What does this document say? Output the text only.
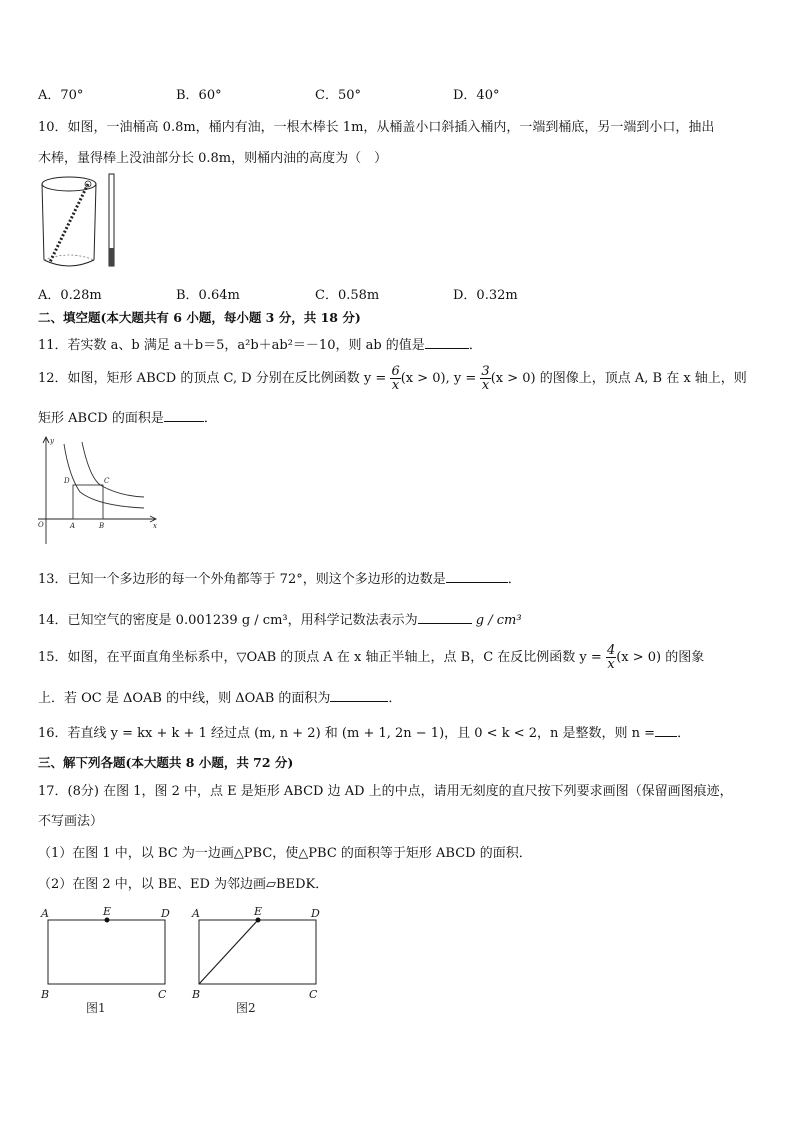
A．70°	B．60°	C．50°	D．40°
10．如图，一油桶高 0.8m，桶内有油，一根木棒长 1m，从桶盖小口斜插入桶内，一端到桶底，另一端到小口，抽出
木棒，量得棒上没油部分长 0.8m，则桶内油的高度为（　）
A．0.28m	B．0.64m	C．0.58m	D．0.32m
二、填空题(本大题共有 6 小题，每小题 3 分，共 18 分)
11．若实数 a、b 满足 a＋b＝5，a²b＋ab²＝－10，则 ab 的值是	．
12．如图，矩形 ABCD 的顶点 C, D 分别在反比例函数 $y = \frac{6}{x} (x > 0)$, $y = \frac{3}{x} (x > 0)$ 的图像上，顶点 A, B 在 x 轴上，则
矩形 ABCD 的面积是	．
y
x
O	A	B
C
D
13．已知一个多边形的每一个外角都等于 72°，则这个多边形的边数是	．
14．已知空气的密度是 0.001239 g / cm³，用科学记数法表示为	g / cm³
15．如图，在平面直角坐标系中，▽OAB 的顶点 A 在 x 轴正半轴上，点 B，C 在反比例函数 $y = \frac{4}{x} (x > 0)$ 的图象
上．若 OC 是 ΔOAB 的中线，则 ΔOAB 的面积为	．
16．若直线 y = kx + k + 1 经过点 (m, n + 2) 和 (m + 1, 2n − 1)，且 0 < k < 2，n 是整数，则 n = ．
三、解下列各题(本大题共 8 小题，共 72 分)
17．(8分) 在图 1，图 2 中，点 E 是矩形 ABCD 边 AD 上的中点，请用无刻度的直尺按下列要求画图（保留画图痕迹，
不写画法）
（1）在图 1 中，以 BC 为一边画△PBC，使△PBC 的面积等于矩形 ABCD 的面积．
（2）在图 2 中，以 BE、ED 为邻边画▱BEDK．
A	E	D
B	C
图1
A	E	D
B	C
图2
